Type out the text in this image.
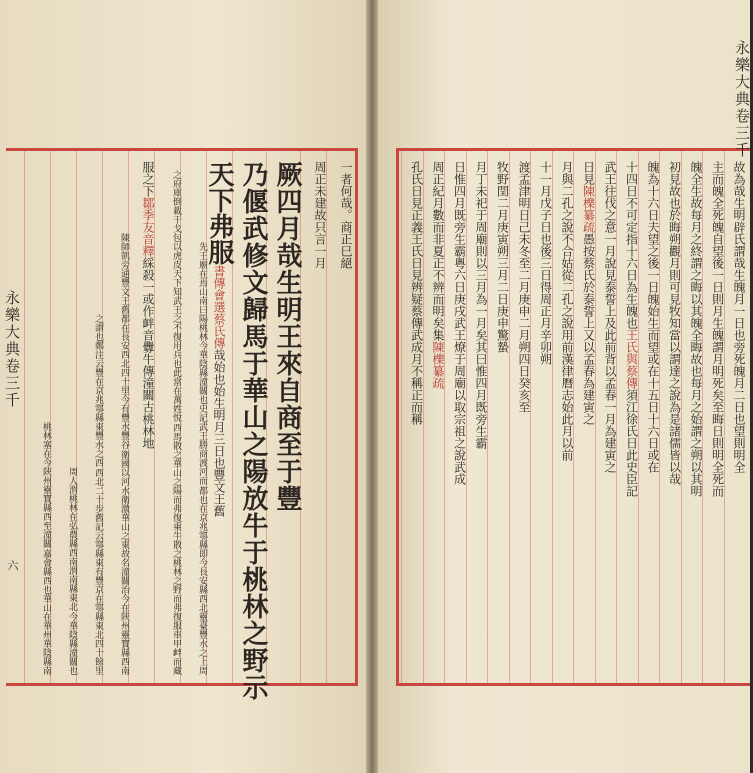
一者何哉。商正巳絕
周正未建故只言一月
厥四月哉生明王來自商至于豐
乃偃武修文歸馬于華山之陽放牛于桃林之野示
天下弗服書傳會選蔡氏傳哉始也始生明月三日也豐文王舊
都也在京兆鄠縣即今長安縣西北靈臺豐水之上周
先王廟在焉山南曰陽桃林今華陰縣潼關也史記武王勝商渡河而
西馬散之華山之陽而弗復乘牛散之桃林之野而弗復服車甲衅而藏
之府庫倒載干戈包以虎皮天下知武王之不復用兵也此當在萬姓悅
服之下鄒季友音釋綵殺一或作衅音釁牛傳潼關古桃林地
衛國以河水衛激華山之東故名潼關治今在陝州靈寶縣西南
陳師凱旁通豐文王舊都在長安西北四十里今有豐水豐谷
西北二十步舊記云鄠縣東有豐京在鄠縣東北四十餘里
之謂也鄭注云豐在京兆鄠縣東豐水之西
今華陰縣潼關也
周人渭桃林在弘農縣西南渭南縣東北
嘉會縣西也華山在華州華陰縣南
桃林塞在今陝州靈寶縣西至潼關
永樂大典卷三千
六
故為哉生明辟氏謂哉生魄月一日也旁死魄月二日也望則明全
主而魄全死魄自望後一日則月生魄謂月明死矣至晦日則明全死而
魄全生故每月之終謂之晦以其魄全晦故也每月之始謂之朔以其明
初見故也於晦朔觀月則可見牧知當以謂達之說為是諸儒皆以哉
魄為十六日夫望之後一日魄始生而望或在十五日十六日或在
十四日不可定指十六日為生魄也王氏與蔡傳須江徐氏日此史臣記
武王往伐之意一月說見泰誓上及此前背以孟春一月為建寅之
日見陳櫟纂疏愚按蔡氏於泰誓上又以孟春為建寅之
月與二孔之說不合姑從二孔之說用前漢律曆志始此月以前
十一月戊子日也後三日得周正月辛卯朔
渡孟津明日己未冬至二月庚申二月朔四日癸亥至
牧野閏二月庚寅朔三月二日庚申驚蟄
月丁未祀于周廟則以三月為一月矣其曰惟四月既旁生霸
日惟四月既旁生霸粵六日庚戌武王燎于周廟以取宗祖之說武成
周正紀月數而非夏正不辨而明矣集陳櫟纂疏
孔氏日見正義王氏日見辨疑蔡傳武成月不稱正而稱
永樂大典卷三千
